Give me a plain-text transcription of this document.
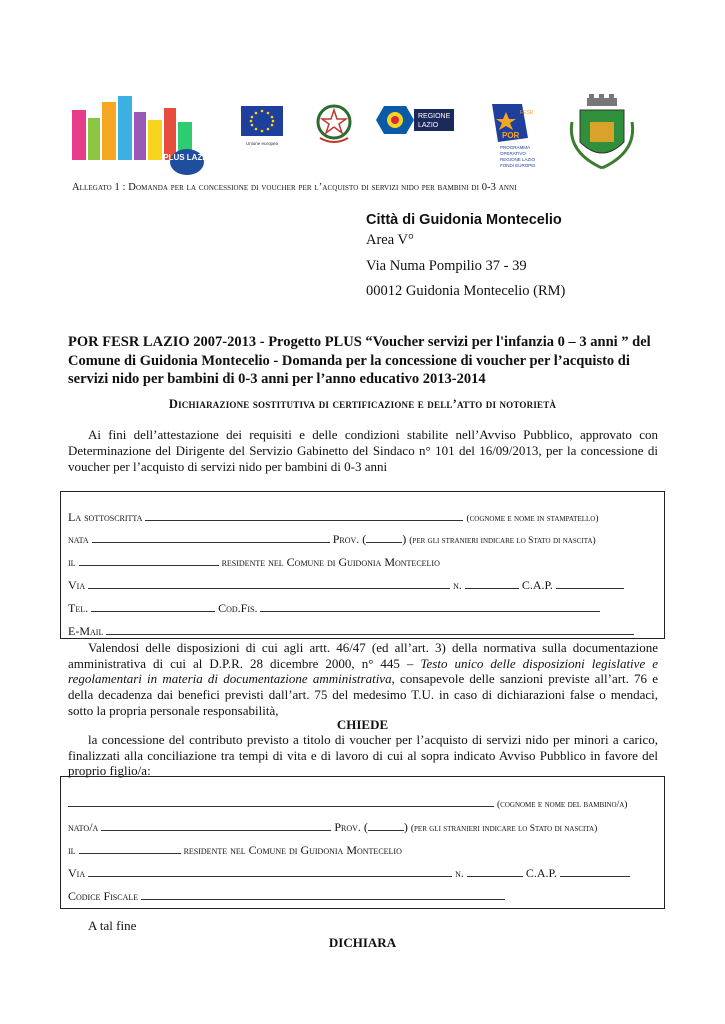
PLUS LAZIO
Unione europea
REGIONE
LAZIO
FESR
POR
PROGRAMMA
OPERATIVO
REGIONE LAZIO
FONDI EUROPEI
Allegato 1 : Domanda per la concessione di voucher per l’acquisto di servizi nido per bambini di 0-3 anni
Città di Guidonia Montecelio
Area V°
Via Numa Pompilio 37 - 39
00012 Guidonia Montecelio (RM)
POR FESR LAZIO 2007-2013 - Progetto PLUS “Voucher servizi per l'infanzia 0 – 3 anni ” del Comune di Guidonia Montecelio - Domanda per la concessione di voucher per l’acquisto di servizi nido per bambini di 0-3 anni per l’anno educativo 2013-2014
Dichiarazione sostitutiva di certificazione e dell’atto di notorietà
Ai fini dell’attestazione dei requisiti e delle condizioni stabilite nell’Avviso Pubblico, approvato con Determinazione del Dirigente del Servizio Gabinetto del Sindaco n° 101 del 16/09/2013, per la concessione di voucher per l’acquisto di servizi nido per bambini di 0-3 anni
La sottoscritta	(cognome e nome in stampatello)
nata	Prov. (	) (per gli stranieri indicare lo Stato di nascita)
il	residente nel Comune di Guidonia Montecelio
Via	n.	C.A.P.
Tel.	Cod.Fis.
E-Mail
Valendosi delle disposizioni di cui agli artt. 46/47 (ed all’art. 3) della normativa sulla documentazione amministrativa di cui al D.P.R. 28 dicembre 2000, n° 445 – Testo unico delle disposizioni legislative e regolamentari in materia di documentazione amministrativa, consapevole delle sanzioni previste all’art. 76 e della decadenza dai benefici previsti dall’art. 75 del medesimo T.U. in caso di dichiarazioni false o mendaci, sotto la propria personale responsabilità,
CHIEDE
la concessione del contributo previsto a titolo di voucher per l’acquisto di servizi nido per minori a carico, finalizzati alla conciliazione tra tempi di vita e di lavoro di cui al sopra indicato Avviso Pubblico in favore del proprio figlio/a:
(cognome e nome del bambino/a)
nato/a	Prov. (	) (per gli stranieri indicare lo Stato di nascita)
il	residente nel Comune di Guidonia Montecelio
Via	n.	C.A.P.
Codice Fiscale
A tal fine
DICHIARA
